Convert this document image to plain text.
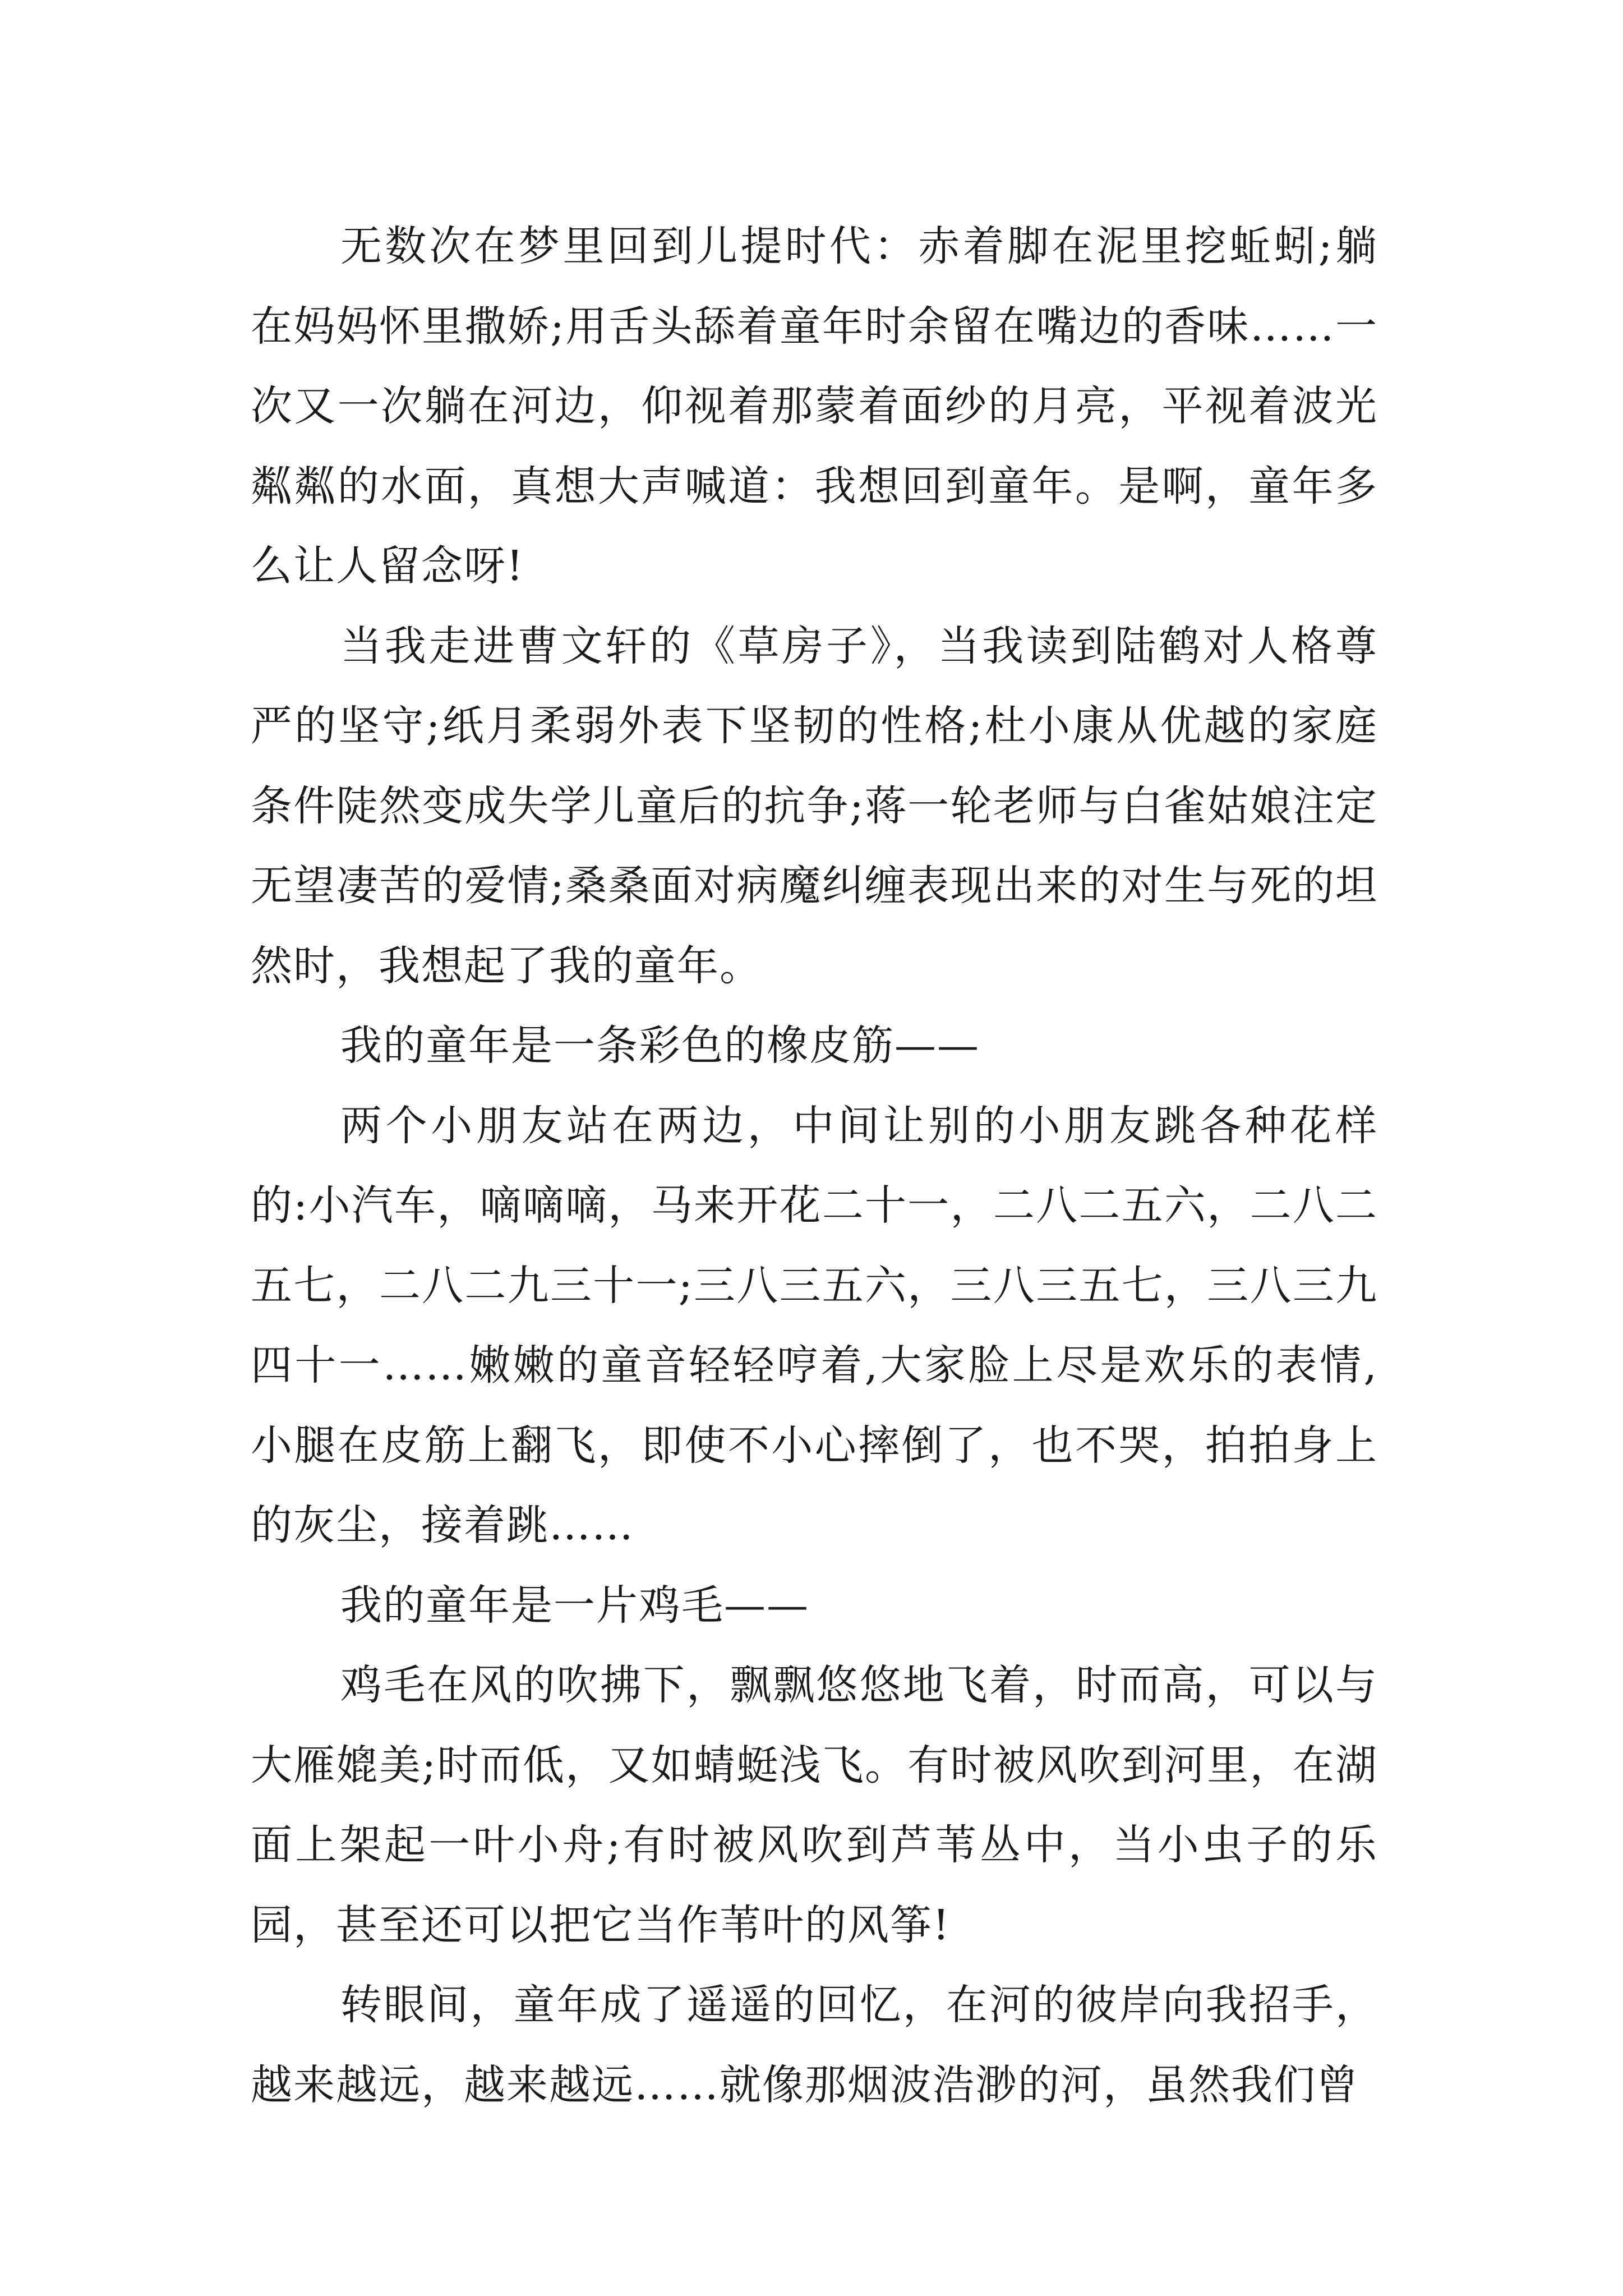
无数次在梦里回到儿提时代：赤着脚在泥里挖蚯蚓;躺在妈妈怀里撒娇;用舌头舔着童年时余留在嘴边的香味……一次又一次躺在河边，仰视着那蒙着面纱的月亮，平视着波光粼粼的水面，真想大声喊道：我想回到童年。是啊，童年多么让人留念呀!

当我走进曹文轩的《草房子》，当我读到陆鹤对人格尊严的坚守;纸月柔弱外表下坚韧的性格;杜小康从优越的家庭条件陡然变成失学儿童后的抗争;蒋一轮老师与白雀姑娘注定无望凄苦的爱情;桑桑面对病魔纠缠表现出来的对生与死的坦然时，我想起了我的童年。

我的童年是一条彩色的橡皮筋——

两个小朋友站在两边，中间让别的小朋友跳各种花样的:小汽车，嘀嘀嘀，马来开花二十一，二八二五六，二八二五七，二八二九三十一;三八三五六，三八三五七，三八三九四十一……嫩嫩的童音轻轻哼着,大家脸上尽是欢乐的表情,小腿在皮筋上翻飞，即使不小心摔倒了，也不哭，拍拍身上的灰尘，接着跳……

我的童年是一片鸡毛——

鸡毛在风的吹拂下，飘飘悠悠地飞着，时而高，可以与大雁媲美;时而低，又如蜻蜓浅飞。有时被风吹到河里，在湖面上架起一叶小舟;有时被风吹到芦苇丛中，当小虫子的乐园，甚至还可以把它当作苇叶的风筝!

转眼间，童年成了遥遥的回忆，在河的彼岸向我招手，越来越远，越来越远……就像那烟波浩渺的河，虽然我们曾
